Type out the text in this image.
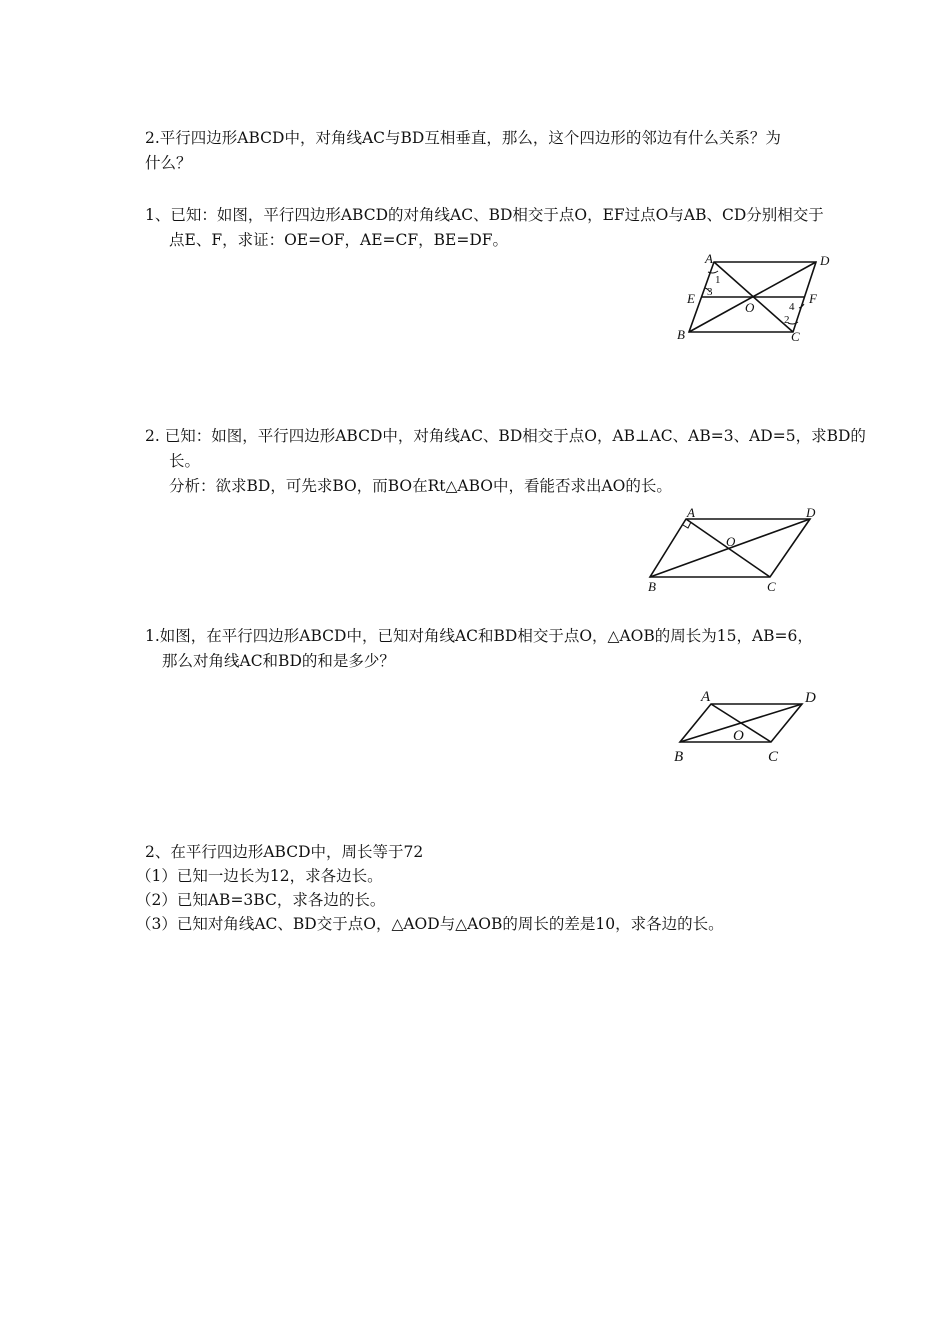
2.平行四边形ABCD中，对角线AC与BD互相垂直，那么，这个四边形的邻边有什么关系？为
什么？
1、已知：如图，平行四边形ABCD的对角线AC、BD相交于点O，EF过点O与AB、CD分别相交于
点E、F，求证：OE=OF，AE=CF，BE=DF。
A	D
E	F
O
B	C
1
3
4
2
2. 已知：如图，平行四边形ABCD中，对角线AC、BD相交于点O，AB⊥AC、AB=3、AD=5，求BD的
长。
分析：欲求BD，可先求BO，而BO在Rt△ABO中，看能否求出AO的长。
A	D
O
B	C
1.如图，在平行四边形ABCD中，已知对角线AC和BD相交于点O，△AOB的周长为15，AB=6，
那么对角线AC和BD的和是多少？
A	D
O
B	C
2、在平行四边形ABCD中，周长等于72
（1）已知一边长为12，求各边长。
（2）已知AB=3BC，求各边的长。
（3）已知对角线AC、BD交于点O，△AOD与△AOB的周长的差是10，求各边的长。
